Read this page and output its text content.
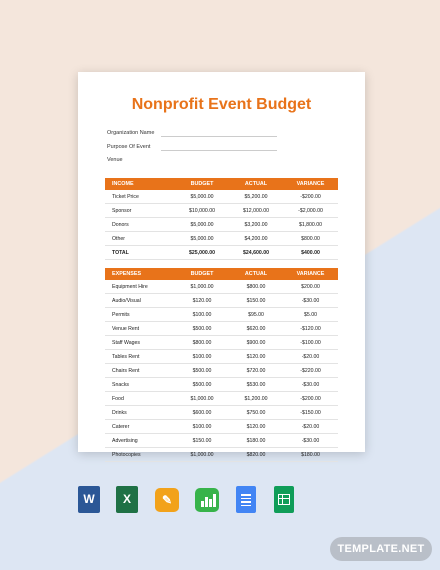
Nonprofit Event Budget
Organization Name
Purpose Of Event
Venue
INCOME	BUDGET	ACTUAL	VARIANCE
Ticket Price	$5,000.00	$5,200.00	-$200.00
Sponsor	$10,000.00	$12,000.00	-$2,000.00
Donors	$5,000.00	$3,200.00	$1,800.00
Other	$5,000.00	$4,200.00	$800.00
TOTAL	$25,000.00	$24,600.00	$400.00
EXPENSES	BUDGET	ACTUAL	VARIANCE
Equipment Hire	$1,000.00	$800.00	$200.00
Audio/Visual	$120.00	$150.00	-$30.00
Permits	$100.00	$95.00	$5.00
Venue Rent	$500.00	$620.00	-$120.00
Staff Wages	$800.00	$900.00	-$100.00
Tables Rent	$100.00	$120.00	-$20.00
Chairs Rent	$500.00	$720.00	-$220.00
Snacks	$500.00	$530.00	-$30.00
Food	$1,000.00	$1,200.00	-$200.00
Drinks	$600.00	$750.00	-$150.00
Caterer	$100.00	$120.00	-$20.00
Advertising	$150.00	$180.00	-$30.00
Photocopies	$1,000.00	$820.00	$180.00
W	X	✎
TEMPLATE.NET
